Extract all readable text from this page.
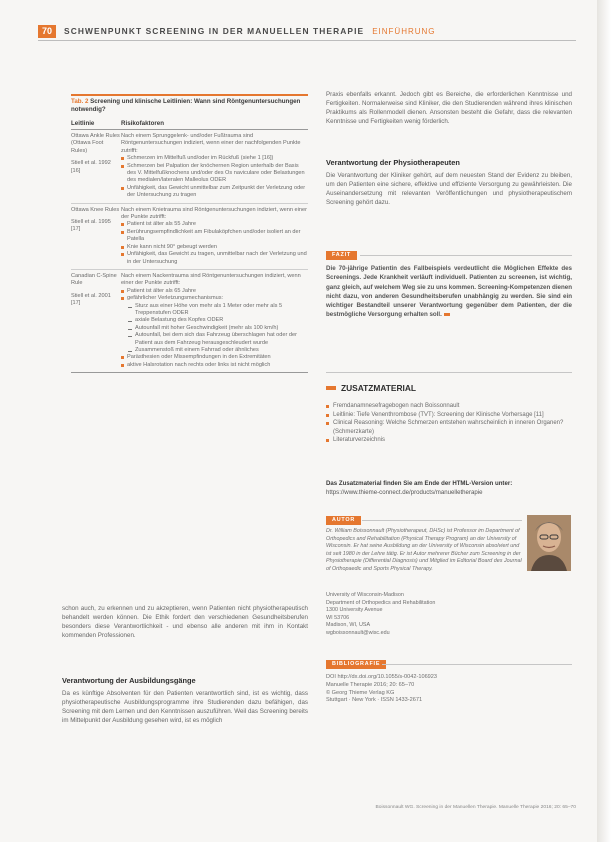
70	SCHWENPUNKT SCREENING IN DER MANUELLEN THERAPIE EINFÜHRUNG
Tab. 2 Screening und klinische Leitlinien: Wann sind Röntgenuntersuchungen notwendig?
Leitlinie	Risikofaktoren
Ottawa Ankle Rules (Ottawa Foot Rules)
Stiell et al. 1992 [16]
Nach einem Sprunggelenk- und/oder Fußtrauma sind Röntgenuntersuchungen indiziert, wenn einer der nachfolgenden Punkte zutrifft:
Schmerzen im Mittelfuß und/oder im Rückfuß (siehe 1 [16])
Schmerzen bei Palpation der knöchernen Region unterhalb der Basis des V. Mittelfußknochens und/oder des Os naviculare oder Belastungen des medialen/lateralen Malleolus ODER
Unfähigkeit, das Gewicht unmittelbar zum Zeitpunkt der Verletzung oder der Untersuchung zu tragen
Ottawa Knee Rules
Stiell et al. 1995 [17]
Nach einem Knietrauma sind Röntgenuntersuchungen indiziert, wenn einer der Punkte zutrifft:
Patient ist älter als 55 Jahre
Berührungsempfindlichkeit am Fibulaköpfchen und/oder isoliert an der Patella
Knie kann nicht 90° gebeugt werden
Unfähigkeit, das Gewicht zu tragen, unmittelbar nach der Verletzung und in der Untersuchung
Canadian C-Spine Rule
Stiell et al. 2001 [17]
Nach einem Nackentrauma sind Röntgenuntersuchungen indiziert, wenn einer der Punkte zutrifft:
Patient ist älter als 65 Jahre
gefährlicher Verletzungsmechanismus:
Sturz aus einer Höhe von mehr als 1 Meter oder mehr als 5 Treppenstufen ODER
axiale Belastung des Kopfes ODER
Autounfall mit hoher Geschwindigkeit (mehr als 100 km/h)
Autounfall, bei dem sich das Fahrzeug überschlagen hat oder der Patient aus dem Fahrzeug herausgeschleudert wurde
Zusammenstoß mit einem Fahrrad oder ähnliches
Parästhesien oder Missempfindungen in den Extremitäten
aktive Halsrotation nach rechts oder links ist nicht möglich
schon auch, zu erkennen und zu akzeptieren, wenn Patienten nicht physiotherapeutisch behandelt werden können. Die Ethik fordert den verschiedenen Gesundheitsberufen besonders diese Verantwortlichkeit - und ebenso alle anderen mit ihm in Kontakt kommenden Professionen.
Verantwortung der Ausbildungsgänge
Da es künftige Absolventen für den Patienten verantwortlich sind, ist es wichtig, dass physiotherapeutische Ausbildungsprogramme ihre Studierenden dazu befähigen, das Screening mit dem Lernen und den Kenntnissen auszuführen. Weil das Screening bereits im Mittelpunkt der Ausbildung gesehen wird, ist es möglich
Praxis ebenfalls erkannt. Jedoch gibt es Bereiche, die erforderlichen Kenntnisse und Fertigkeiten. Normalerweise sind Kliniker, die den Studierenden während ihres klinischen Praktikums als Rollenmodell dienen. Ansonsten besteht die Gefahr, dass die relevanten Kenntnisse und Fertigkeiten wenig förderlich.
Verantwortung der Physiotherapeuten
Die Verantwortung der Kliniker gehört, auf dem neuesten Stand der Evidenz zu bleiben, um den Patienten eine sichere, effektive und effiziente Versorgung zu gewährleisten. Die Auseinandersetzung mit relevanten Veröffentlichungen und physiotherapeutischem Screening gehört dazu.
FAZIT
Die 70-jährige Patientin des Fallbeispiels verdeutlicht die Möglichen Effekte des Screenings. Jede Krankheit verläuft individuell. Patienten zu screenen, ist wichtig, ganz gleich, auf welchem Weg sie zu uns kommen. Screening-Kompetenzen dienen nicht dazu, von anderen Gesundheitsberufen unabhängig zu werden. Sie sind ein wichtiger Bestandteil unserer Verantwortung gegenüber dem Patienten, der die bestmögliche Versorgung erhalten soll.
ZUSATZMATERIAL
Fremdanamnesefragebogen nach Boissonnault
Leitlinie: Tiefe Venenthrombose (TVT): Screening der Klinische Vorhersage [11]
Clinical Reasoning: Welche Schmerzen entstehen wahrscheinlich in inneren Organen? (Schmerzkarte)
Literaturverzeichnis
Das Zusatzmaterial finden Sie am Ende der HTML-Version unter:
https://www.thieme-connect.de/products/manuelletherapie
AUTOR
Dr. William Boissonnault (Physiotherapeut, DHSc) ist Professor im Department of Orthopedics and Rehabilitation (Physical Therapy Program) an der University of Wisconsin. Er hat seine Ausbildung an der University of Wisconsin absolviert und ist seit 1980 in der Lehre tätig. Er ist Autor mehrerer Bücher zum Screening in der Physiotherapie (Differential Diagnosis) und Mitglied im Editorial Board des Journal of Orthopaedic and Sports Physical Therapy.
University of Wisconsin-Madison
Department of Orthopedics and Rehabilitation
1300 University Avenue
WI 53706
Madison, WI, USA
wgboissonnault@wisc.edu
BIBLIOGRAFIE
DOI http://dx.doi.org/10.1055/s-0042-106923
Manuelle Therapie 2016; 20: 65–70
© Georg Thieme Verlag KG
Stuttgart · New York · ISSN 1433-2671
Boissonnault WG. Screening in der Manuellen Therapie. Manuelle Therapie 2016; 20: 65–70
